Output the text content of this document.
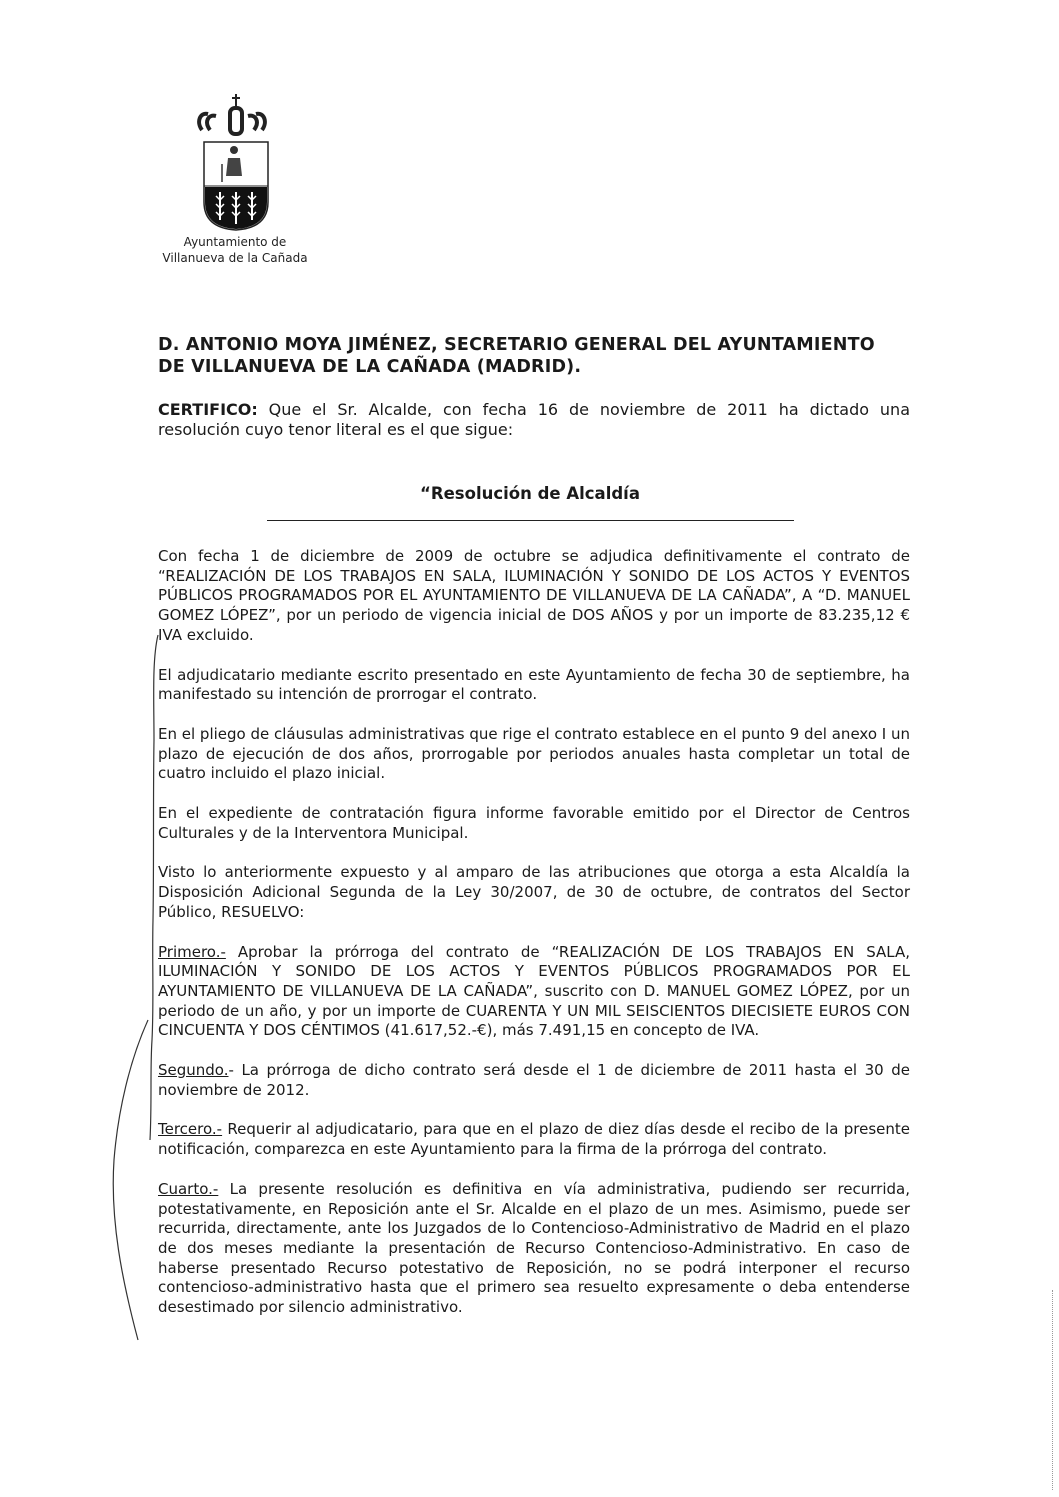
Ayuntamiento de
Villanueva de la Cañada
D. ANTONIO MOYA JIMÉNEZ, SECRETARIO GENERAL DEL AYUNTAMIENTO
DE VILLANUEVA DE LA CAÑADA (MADRID).
CERTIFICO: Que el Sr. Alcalde, con fecha 16 de noviembre de 2011 ha dictado una resolución cuyo tenor literal es el que sigue:
“Resolución de Alcaldía

Con fecha 1 de diciembre de 2009 de octubre se adjudica definitivamente el contrato de “REALIZACIÓN DE LOS TRABAJOS EN SALA, ILUMINACIÓN Y SONIDO DE LOS ACTOS Y EVENTOS PÚBLICOS PROGRAMADOS POR EL AYUNTAMIENTO DE VILLANUEVA DE LA CAÑADA”, A “D. MANUEL GOMEZ LÓPEZ”, por un periodo de vigencia inicial de DOS AÑOS y por un importe de 83.235,12 € IVA excluido.

El adjudicatario mediante escrito presentado en este Ayuntamiento de fecha 30 de septiembre, ha manifestado su intención de prorrogar el contrato.

En el pliego de cláusulas administrativas que rige el contrato establece en el punto 9 del anexo I un plazo de ejecución de dos años, prorrogable por periodos anuales hasta completar un total de cuatro incluido el plazo inicial.

En el expediente de contratación figura informe favorable emitido por el Director de Centros Culturales y de la Interventora Municipal.

Visto lo anteriormente expuesto y al amparo de las atribuciones que otorga a esta Alcaldía la Disposición Adicional Segunda de la Ley 30/2007, de 30 de octubre, de contratos del Sector Público, RESUELVO:

Primero.- Aprobar la prórroga del contrato de “REALIZACIÓN DE LOS TRABAJOS EN SALA, ILUMINACIÓN Y SONIDO DE LOS ACTOS Y EVENTOS PÚBLICOS PROGRAMADOS POR EL AYUNTAMIENTO DE VILLANUEVA DE LA CAÑADA”, suscrito con D. MANUEL GOMEZ LÓPEZ, por un periodo de un año, y por un importe de CUARENTA Y UN MIL SEISCIENTOS DIECISIETE EUROS CON CINCUENTA Y DOS CÉNTIMOS (41.617,52.-€), más 7.491,15 en concepto de IVA.

Segundo.- La prórroga de dicho contrato será desde el 1 de diciembre de 2011 hasta el 30 de noviembre de 2012.

Tercero.- Requerir al adjudicatario, para que en el plazo de diez días desde el recibo de la presente notificación, comparezca en este Ayuntamiento para la firma de la prórroga del contrato.

Cuarto.- La presente resolución es definitiva en vía administrativa, pudiendo ser recurrida, potestativamente, en Reposición ante el Sr. Alcalde en el plazo de un mes. Asimismo, puede ser recurrida, directamente, ante los Juzgados de lo Contencioso-Administrativo de Madrid en el plazo de dos meses mediante la presentación de Recurso Contencioso-Administrativo. En caso de haberse presentado Recurso potestativo de Reposición, no se podrá interponer el recurso contencioso-administrativo hasta que el primero sea resuelto expresamente o deba entenderse desestimado por silencio administrativo.
